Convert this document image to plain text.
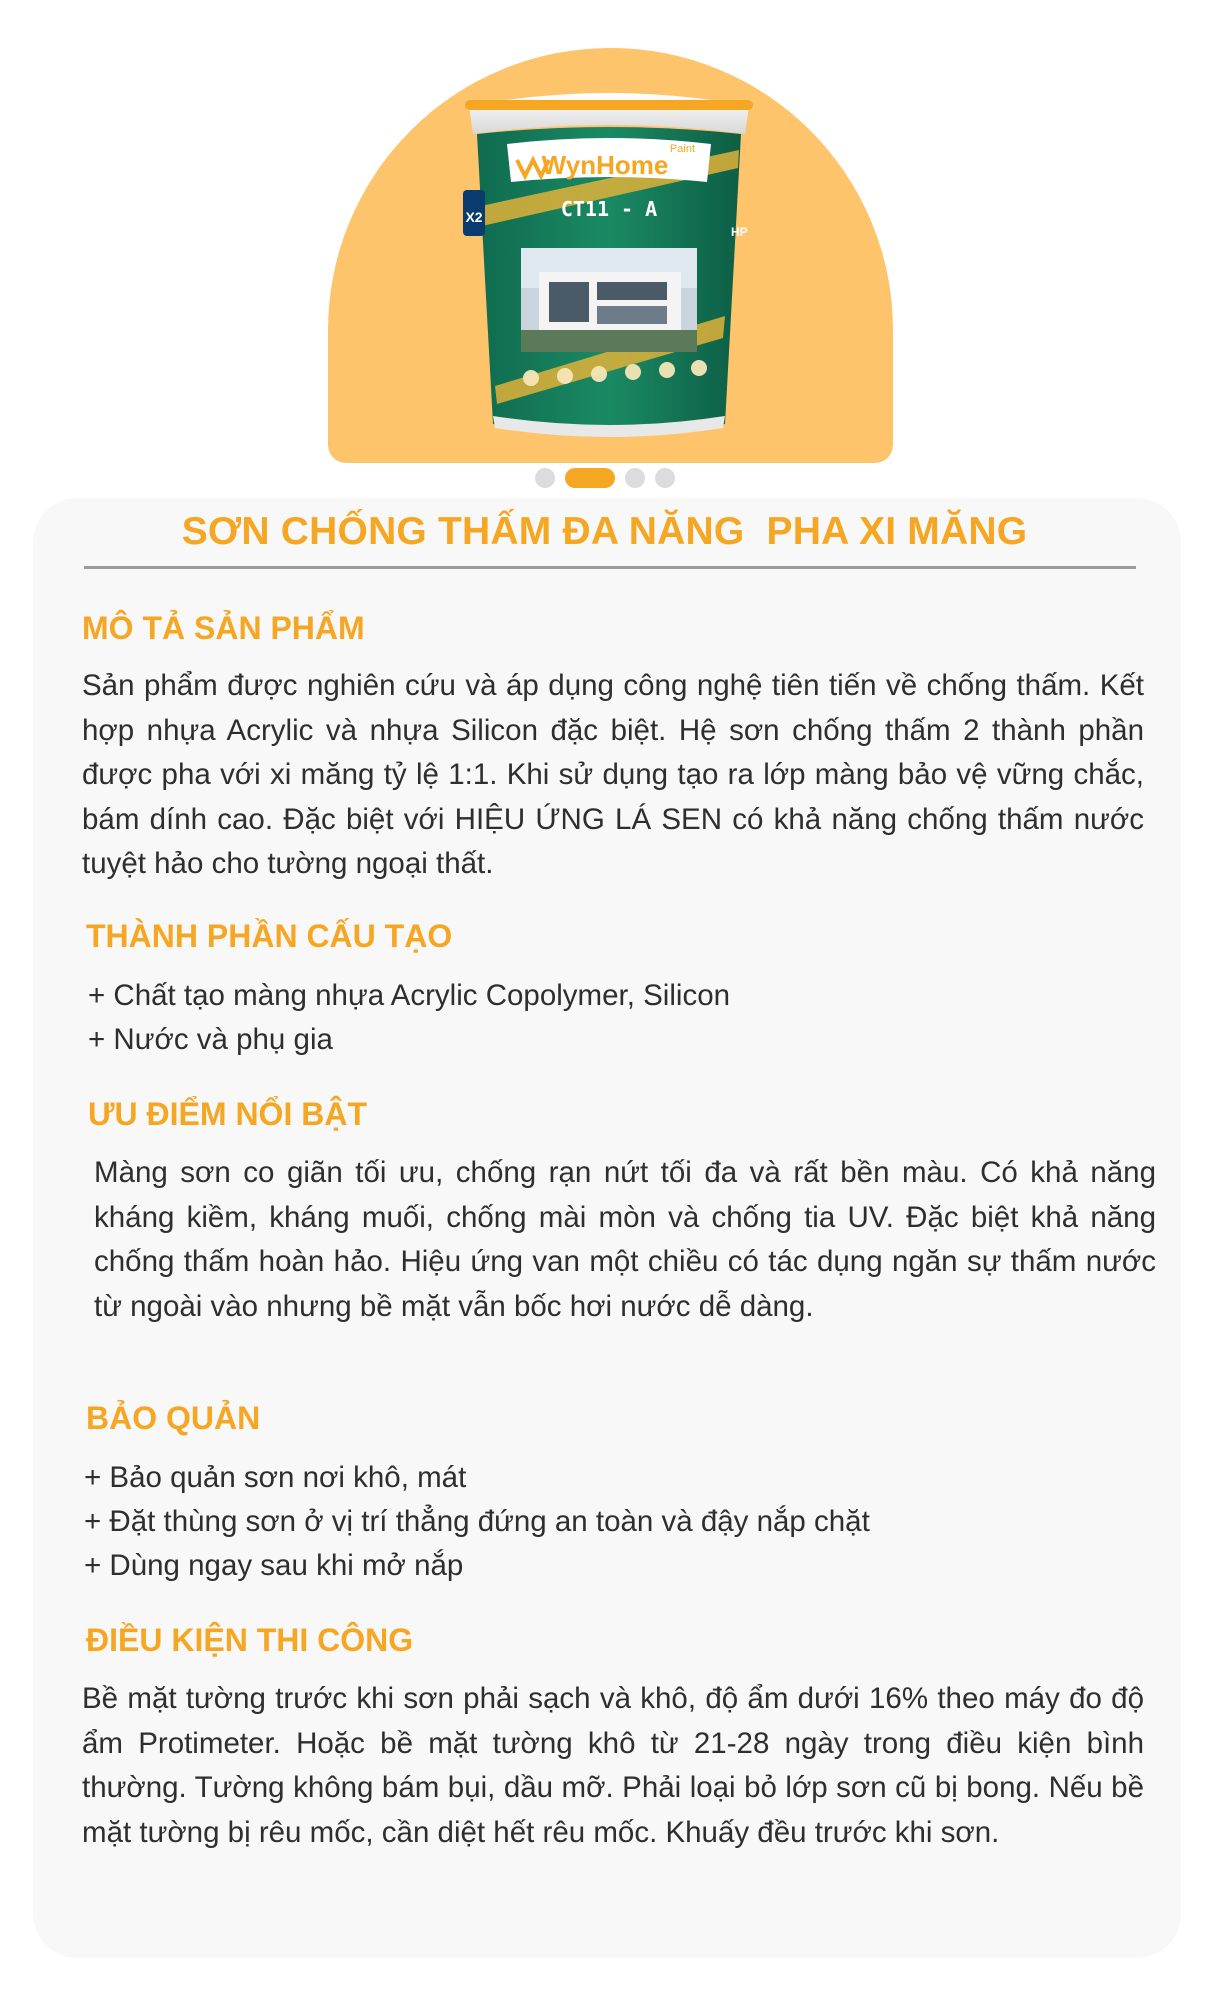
WynHome
Paint
CT11 - A
X2
HP
SƠN CHỐNG THẤM ĐA NĂNG  PHA XI MĂNG
MÔ TẢ SẢN PHẨM

Sản phẩm được nghiên cứu và áp dụng công nghệ tiên tiến về chống thấm. Kết hợp nhựa Acrylic và nhựa Silicon đặc biệt. Hệ sơn chống thấm 2 thành phần được pha với xi măng tỷ lệ 1:1. Khi sử dụng tạo ra lớp màng bảo vệ vững chắc, bám dính cao. Đặc biệt với HIỆU ỨNG LÁ SEN có khả năng chống thấm nước tuyệt hảo cho tường ngoại thất.

THÀNH PHẦN CẤU TẠO
+ Chất tạo màng nhựa Acrylic Copolymer, Silicon
+ Nước và phụ gia
ƯU ĐIỂM NỔI BẬT

Màng sơn co giãn tối ưu, chống rạn nứt tối đa và rất bền màu. Có khả năng kháng kiềm, kháng muối, chống mài mòn và chống tia UV. Đặc biệt khả năng chống thấm hoàn hảo. Hiệu ứng van một chiều có tác dụng ngăn sự thấm nước từ ngoài vào nhưng bề mặt vẫn bốc hơi nước dễ dàng.

BẢO QUẢN
+ Bảo quản sơn nơi khô, mát
+ Đặt thùng sơn ở vị trí thẳng đứng an toàn và đậy nắp chặt
+ Dùng ngay sau khi mở nắp
ĐIỀU KIỆN THI CÔNG

Bề mặt tường trước khi sơn phải sạch và khô, độ ẩm dưới 16% theo máy đo độ ẩm Protimeter. Hoặc bề mặt tường khô từ 21-28 ngày trong điều kiện bình thường. Tường không bám bụi, dầu mỡ. Phải loại bỏ lớp sơn cũ bị bong. Nếu bề mặt tường bị rêu mốc, cần diệt hết rêu mốc. Khuấy đều trước khi sơn.
